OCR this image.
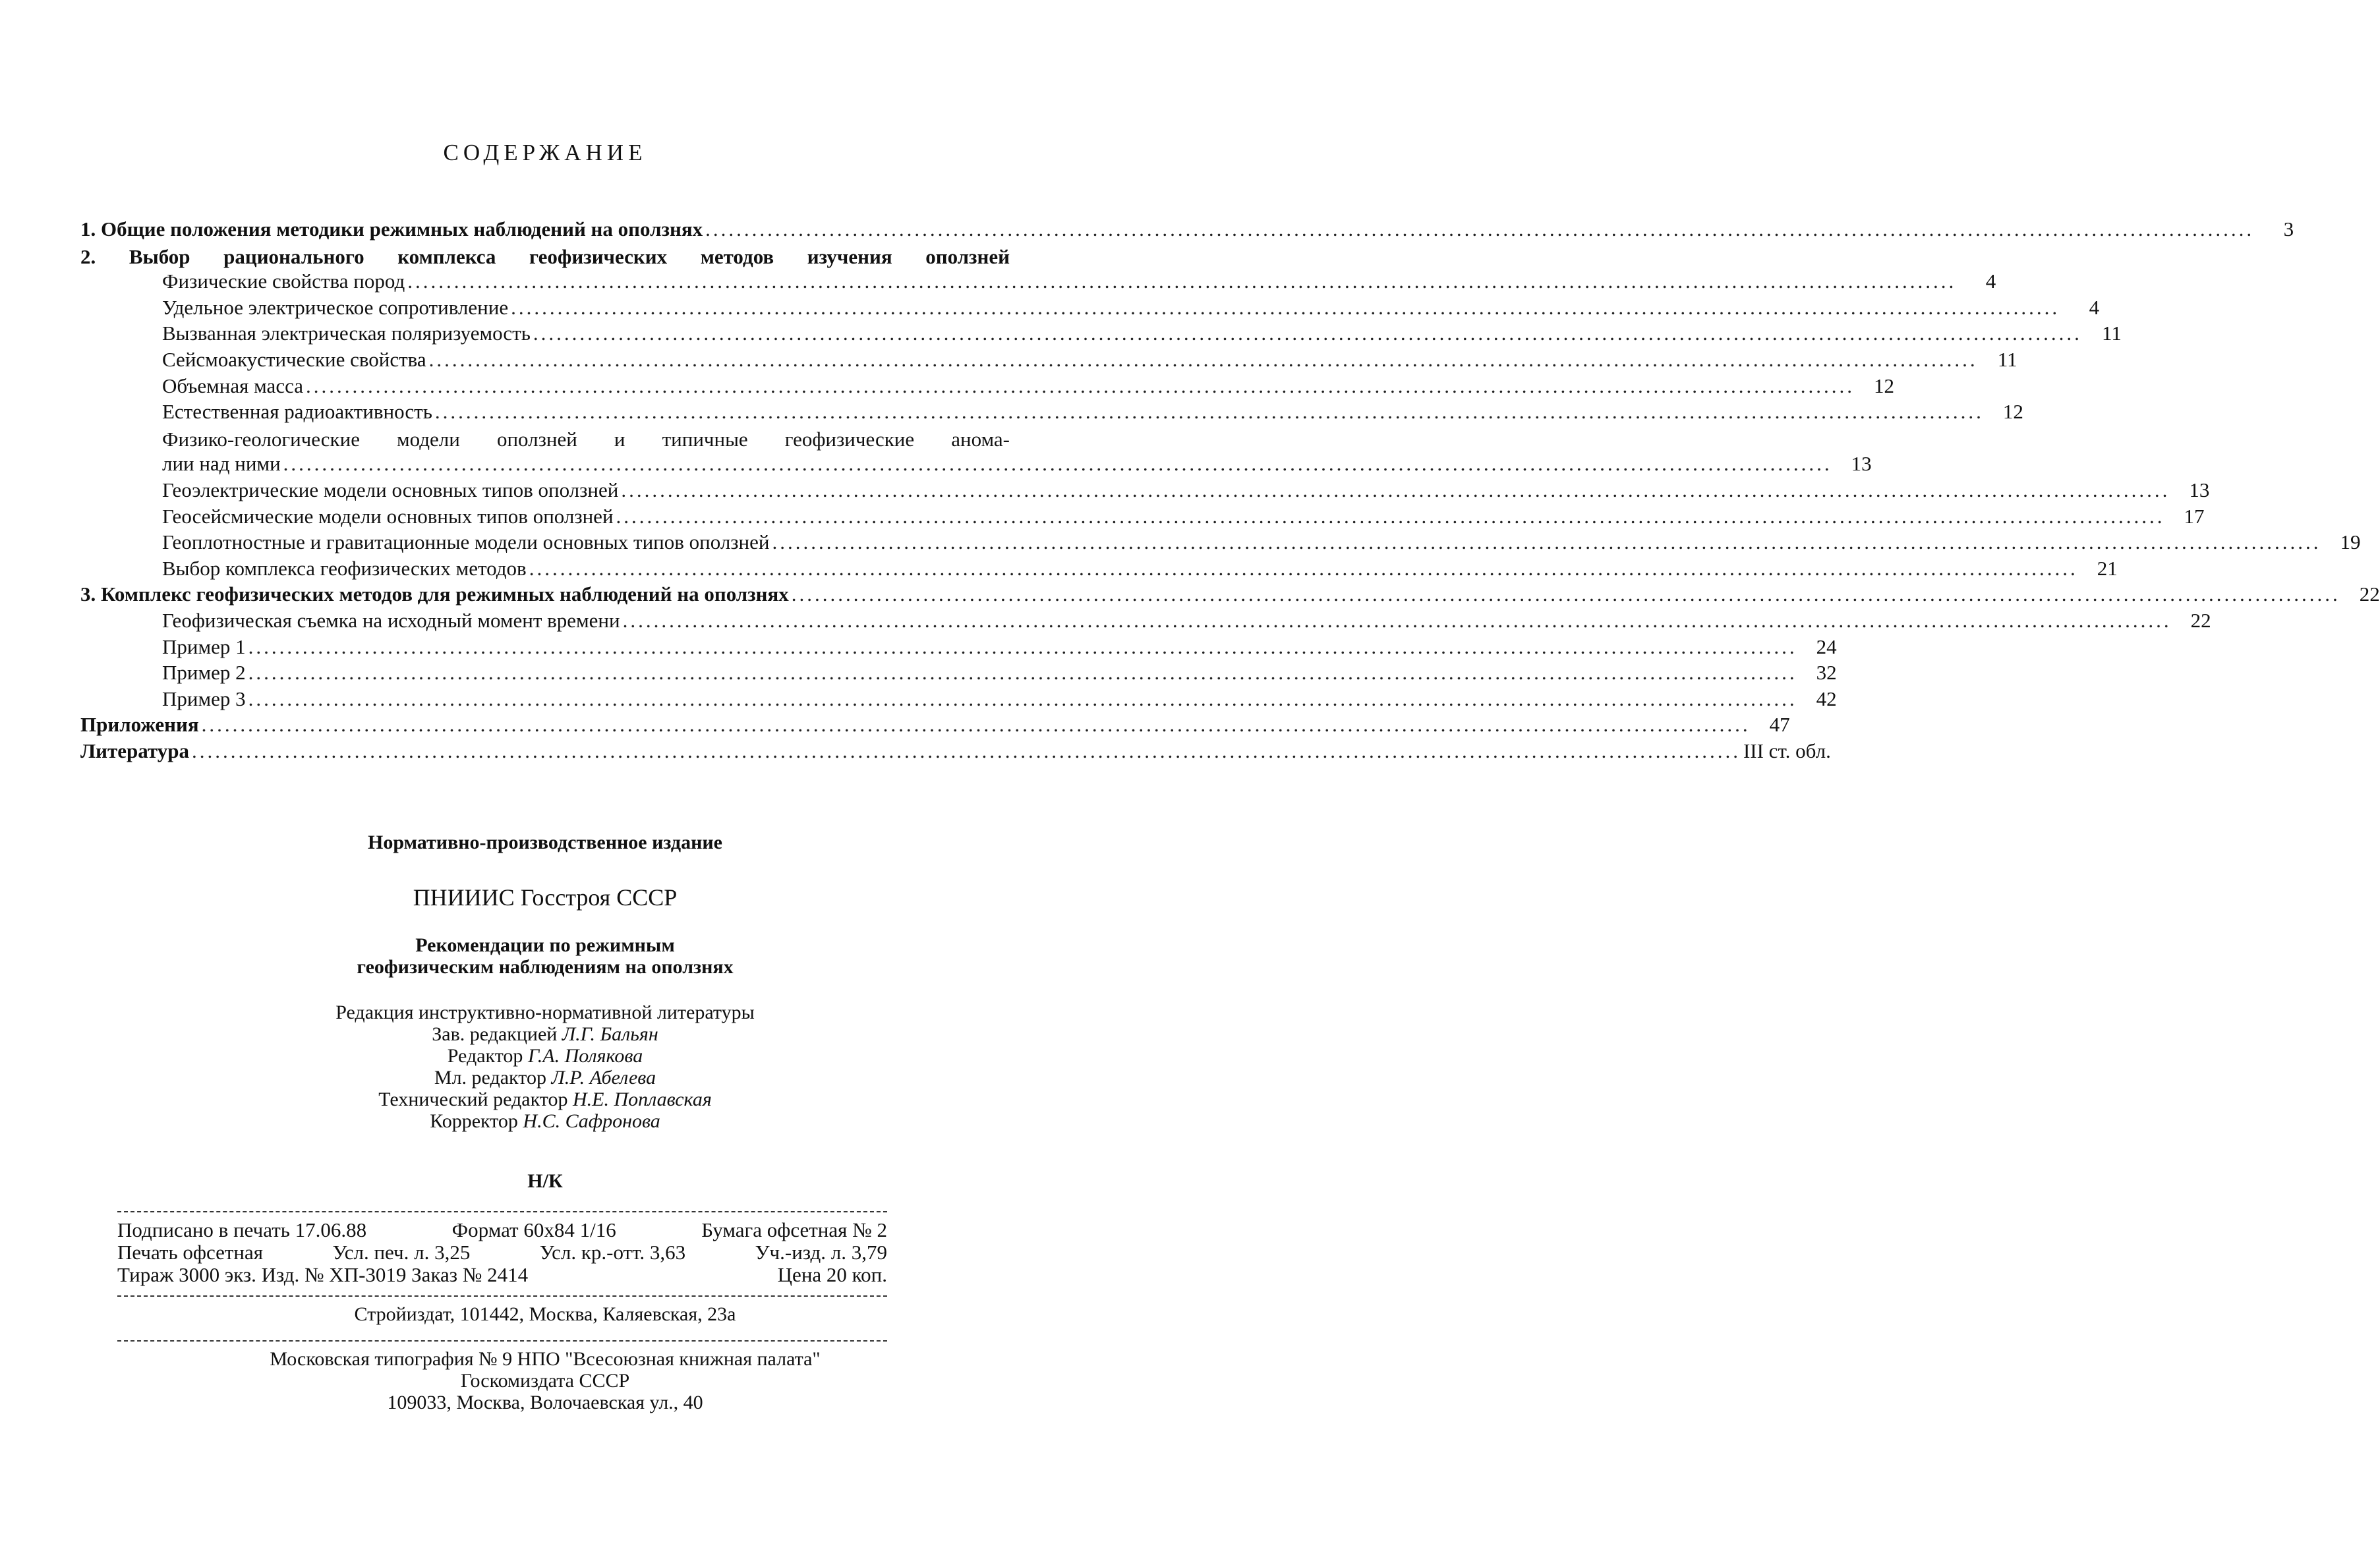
СОДЕРЖАНИЕ
1. Общие положения методики режимных наблюдений на оползнях ........................................................................................................................................................................................................	3
2. Выбор рационального комплекса геофизических методов изучения оползней
Физические свойства пород ........................................................................................................................................................................................................	4
Удельное электрическое сопротивление ........................................................................................................................................................................................................	4
Вызванная электрическая поляризуемость ........................................................................................................................................................................................................ 11
Сейсмоакустические свойства ........................................................................................................................................................................................................ 11
Объемная масса ........................................................................................................................................................................................................ 12
Естественная радиоактивность ........................................................................................................................................................................................................ 12
Физико-геологические модели оползней и типичные геофизические анома-
лии над ними ........................................................................................................................................................................................................ 13
Геоэлектрические модели основных типов оползней ........................................................................................................................................................................................................ 13
Геосейсмические модели основных типов оползней ........................................................................................................................................................................................................ 17
Геоплотностные и гравитационные модели основных типов оползней ........................................................................................................................................................................................................ 19
Выбор комплекса геофизических методов ........................................................................................................................................................................................................ 21
3. Комплекс геофизических методов для режимных наблюдений на оползнях ........................................................................................................................................................................................................ 22
Геофизическая съемка на исходный момент времени ........................................................................................................................................................................................................ 22
Пример 1 ........................................................................................................................................................................................................ 24
Пример 2 ........................................................................................................................................................................................................ 32
Пример 3 ........................................................................................................................................................................................................ 42
Приложения ........................................................................................................................................................................................................ 47
Литература ........................................................................................................................................................................................................ III ст. обл.
Нормативно-производственное издание
ПНИИИС Госстроя СССР
Рекомендации по режимным
геофизическим наблюдениям на оползнях
Редакция инструктивно-нормативной литературы
Зав. редакцией Л.Г. Бальян
Редактор Г.А. Полякова
Мл. редактор Л.Р. Абелева
Технический редактор Н.Е. Поплавская
Корректор Н.С. Сафронова
Н/К
Подписано в печать 17.06.88	Формат 60x84 1/16	Бумага офсетная № 2
Печать офсетная	Усл. печ. л. 3,25	Усл. кр.-отт. 3,63	Уч.-изд. л. 3,79
Тираж 3000 экз. Изд. № ХП-3019 Заказ № 2414	Цена 20 коп.
Стройиздат, 101442, Москва, Каляевская, 23а
Московская типография № 9 НПО "Всесоюзная книжная палата"
Госкомиздата СССР
109033, Москва, Волочаевская ул., 40
